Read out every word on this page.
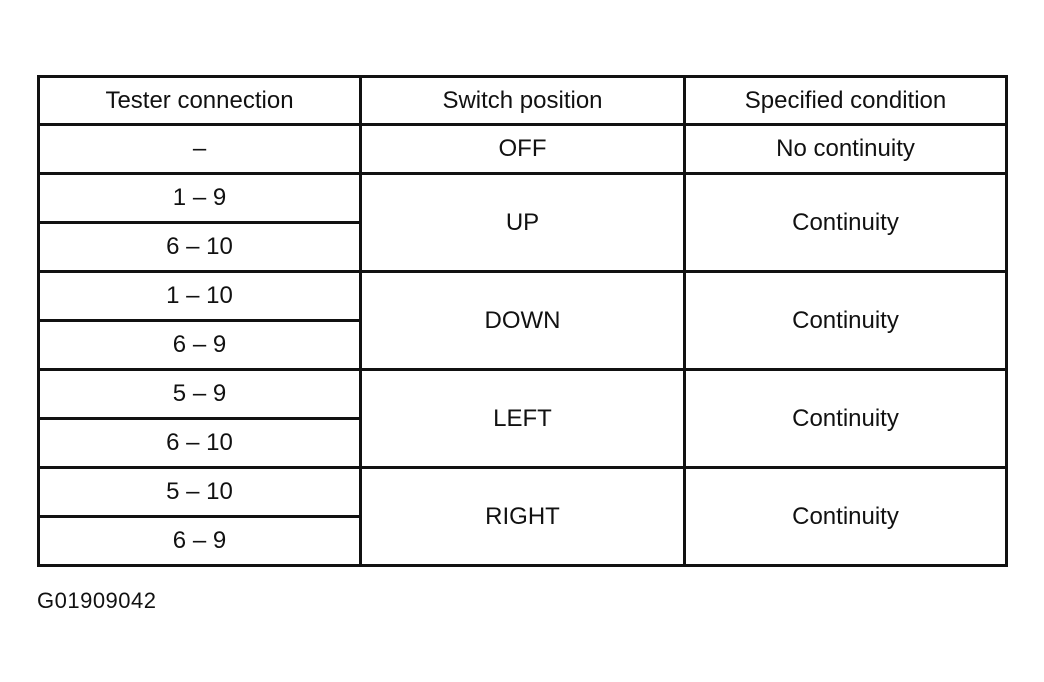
Tester connection	Switch position	Specified condition
–	OFF	No continuity
1 – 9	UP	Continuity
6 – 10		
1 – 10	DOWN	Continuity
6 – 9		
5 – 9	LEFT	Continuity
6 – 10		
5 – 10	RIGHT	Continuity
6 – 9		
G01909042
